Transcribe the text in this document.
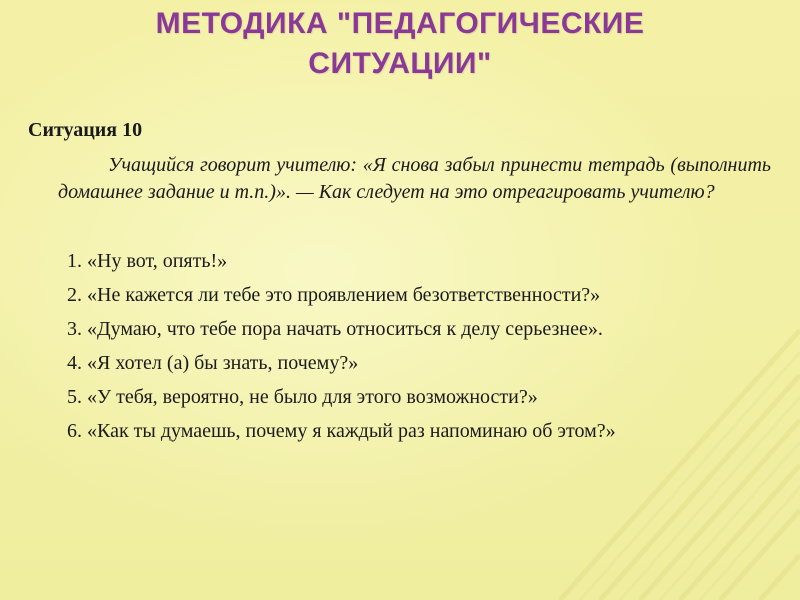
МЕТОДИКА "ПЕДАГОГИЧЕСКИЕ
СИТУАЦИИ"
Ситуация 10
Учащийся говорит учителю: «Я снова забыл принести тетрадь (выполнить домашнее задание и т.п.)». — Как следует на это отреагировать учителю?
1. «Ну вот, опять!»
2. «Не кажется ли тебе это проявлением безответственности?»
3. «Думаю, что тебе пора начать относиться к делу серьезнее».
4. «Я хотел (а) бы знать, почему?»
5. «У тебя, вероятно, не было для этого возможности?»
6. «Как ты думаешь, почему я каждый раз напоминаю об этом?»
